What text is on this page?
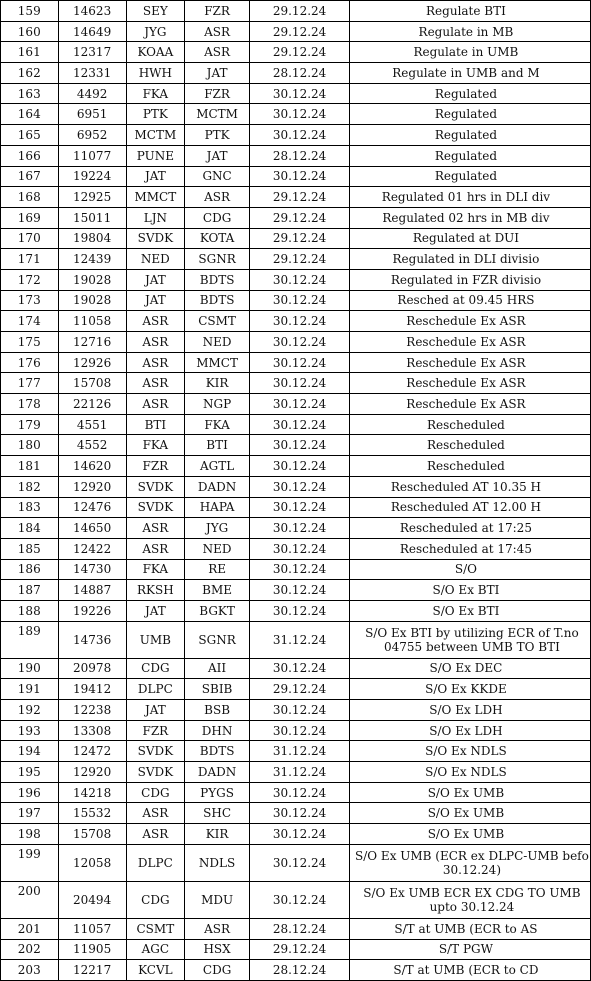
159	14623	SEY	FZR	29.12.24	Regulate BTI
160	14649	JYG	ASR	29.12.24	Regulate in MB
161	12317	KOAA	ASR	29.12.24	Regulate in UMB
162	12331	HWH	JAT	28.12.24	Regulate in UMB and M
163	4492	FKA	FZR	30.12.24	Regulated
164	6951	PTK	MCTM	30.12.24	Regulated
165	6952	MCTM	PTK	30.12.24	Regulated
166	11077	PUNE	JAT	28.12.24	Regulated
167	19224	JAT	GNC	30.12.24	Regulated
168	12925	MMCT	ASR	29.12.24	Regulated 01 hrs in DLI div
169	15011	LJN	CDG	29.12.24	Regulated 02 hrs in MB div
170	19804	SVDK	KOTA	29.12.24	Regulated at DUI
171	12439	NED	SGNR	29.12.24	Regulated in DLI divisio
172	19028	JAT	BDTS	30.12.24	Regulated in FZR divisio
173	19028	JAT	BDTS	30.12.24	Resched at 09.45 HRS
174	11058	ASR	CSMT	30.12.24	Reschedule Ex ASR
175	12716	ASR	NED	30.12.24	Reschedule Ex ASR
176	12926	ASR	MMCT	30.12.24	Reschedule Ex ASR
177	15708	ASR	KIR	30.12.24	Reschedule Ex ASR
178	22126	ASR	NGP	30.12.24	Reschedule Ex ASR
179	4551	BTI	FKA	30.12.24	Rescheduled
180	4552	FKA	BTI	30.12.24	Rescheduled
181	14620	FZR	AGTL	30.12.24	Rescheduled
182	12920	SVDK	DADN	30.12.24	Rescheduled AT 10.35 H
183	12476	SVDK	HAPA	30.12.24	Rescheduled AT 12.00 H
184	14650	ASR	JYG	30.12.24	Rescheduled at 17:25
185	12422	ASR	NED	30.12.24	Rescheduled at 17:45
186	14730	FKA	RE	30.12.24	S/O
187	14887	RKSH	BME	30.12.24	S/O Ex BTI
188	19226	JAT	BGKT	30.12.24	S/O Ex BTI
189	14736	UMB	SGNR	31.12.24	S/O Ex BTI by utilizing ECR of T.no 04755 between UMB TO BTI
190	20978	CDG	AII	30.12.24	S/O Ex DEC
191	19412	DLPC	SBIB	29.12.24	S/O Ex KKDE
192	12238	JAT	BSB	30.12.24	S/O Ex LDH
193	13308	FZR	DHN	30.12.24	S/O Ex LDH
194	12472	SVDK	BDTS	31.12.24	S/O Ex NDLS
195	12920	SVDK	DADN	31.12.24	S/O Ex NDLS
196	14218	CDG	PYGS	30.12.24	S/O Ex UMB
197	15532	ASR	SHC	30.12.24	S/O Ex UMB
198	15708	ASR	KIR	30.12.24	S/O Ex UMB
199	12058	DLPC	NDLS	30.12.24	S/O Ex UMB (ECR ex DLPC-UMB befo 30.12.24)
200	20494	CDG	MDU	30.12.24	S/O Ex UMB ECR EX CDG TO UMB upto 30.12.24
201	11057	CSMT	ASR	28.12.24	S/T at UMB (ECR to AS
202	11905	AGC	HSX	29.12.24	S/T PGW
203	12217	KCVL	CDG	28.12.24	S/T at UMB (ECR to CD
